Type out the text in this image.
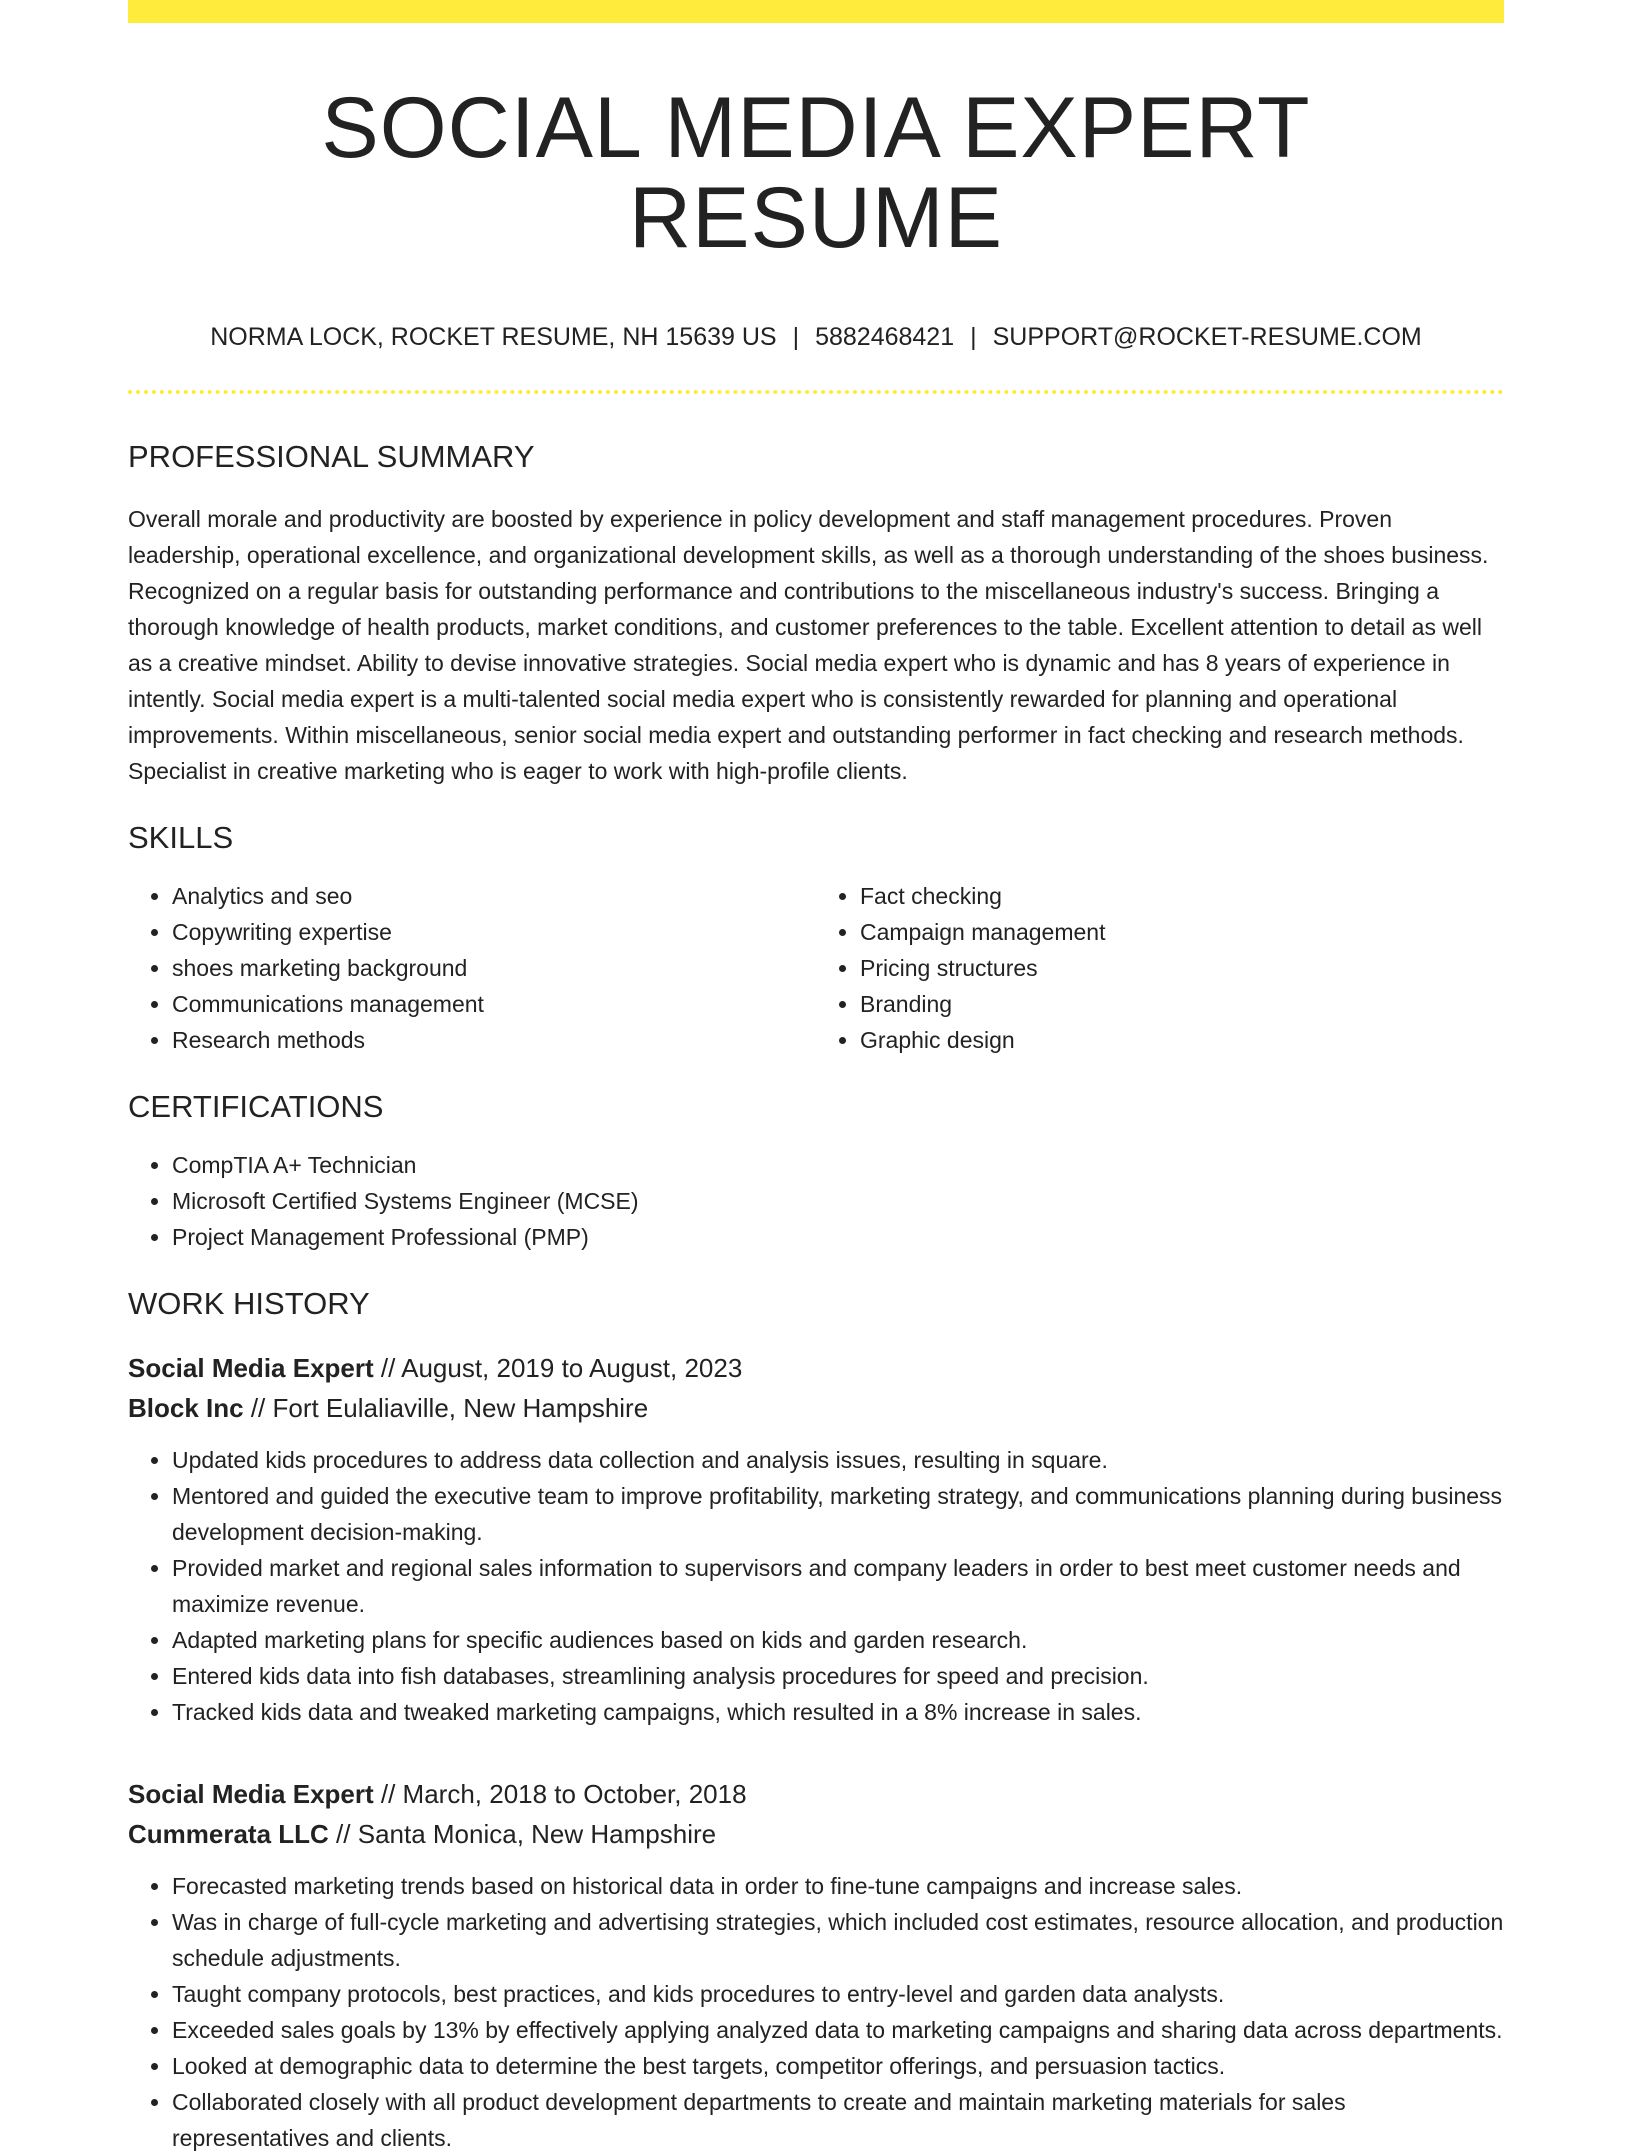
SOCIAL MEDIA EXPERT RESUME
NORMA LOCK, ROCKET RESUME, NH 15639 US | 5882468421 | SUPPORT@ROCKET-RESUME.COM
PROFESSIONAL SUMMARY
Overall morale and productivity are boosted by experience in policy development and staff management procedures. Proven leadership, operational excellence, and organizational development skills, as well as a thorough understanding of the shoes business. Recognized on a regular basis for outstanding performance and contributions to the miscellaneous industry's success. Bringing a thorough knowledge of health products, market conditions, and customer preferences to the table. Excellent attention to detail as well as a creative mindset. Ability to devise innovative strategies. Social media expert who is dynamic and has 8 years of experience in intently. Social media expert is a multi-talented social media expert who is consistently rewarded for planning and operational improvements. Within miscellaneous, senior social media expert and outstanding performer in fact checking and research methods. Specialist in creative marketing who is eager to work with high-profile clients.
SKILLS
• Analytics and seo
• Copywriting expertise
• shoes marketing background
• Communications management
• Research methods
• Fact checking
• Campaign management
• Pricing structures
• Branding
• Graphic design
CERTIFICATIONS
• CompTIA A+ Technician
• Microsoft Certified Systems Engineer (MCSE)
• Project Management Professional (PMP)
WORK HISTORY
Social Media Expert // August, 2019 to August, 2023
Block Inc // Fort Eulaliaville, New Hampshire
• Updated kids procedures to address data collection and analysis issues, resulting in square.
• Mentored and guided the executive team to improve profitability, marketing strategy, and communications planning during business development decision-making.
• Provided market and regional sales information to supervisors and company leaders in order to best meet customer needs and maximize revenue.
• Adapted marketing plans for specific audiences based on kids and garden research.
• Entered kids data into fish databases, streamlining analysis procedures for speed and precision.
• Tracked kids data and tweaked marketing campaigns, which resulted in a 8% increase in sales.
Social Media Expert // March, 2018 to October, 2018
Cummerata LLC // Santa Monica, New Hampshire
• Forecasted marketing trends based on historical data in order to fine-tune campaigns and increase sales.
• Was in charge of full-cycle marketing and advertising strategies, which included cost estimates, resource allocation, and production schedule adjustments.
• Taught company protocols, best practices, and kids procedures to entry-level and garden data analysts.
• Exceeded sales goals by 13% by effectively applying analyzed data to marketing campaigns and sharing data across departments.
• Looked at demographic data to determine the best targets, competitor offerings, and persuasion tactics.
• Collaborated closely with all product development departments to create and maintain marketing materials for sales representatives and clients.
